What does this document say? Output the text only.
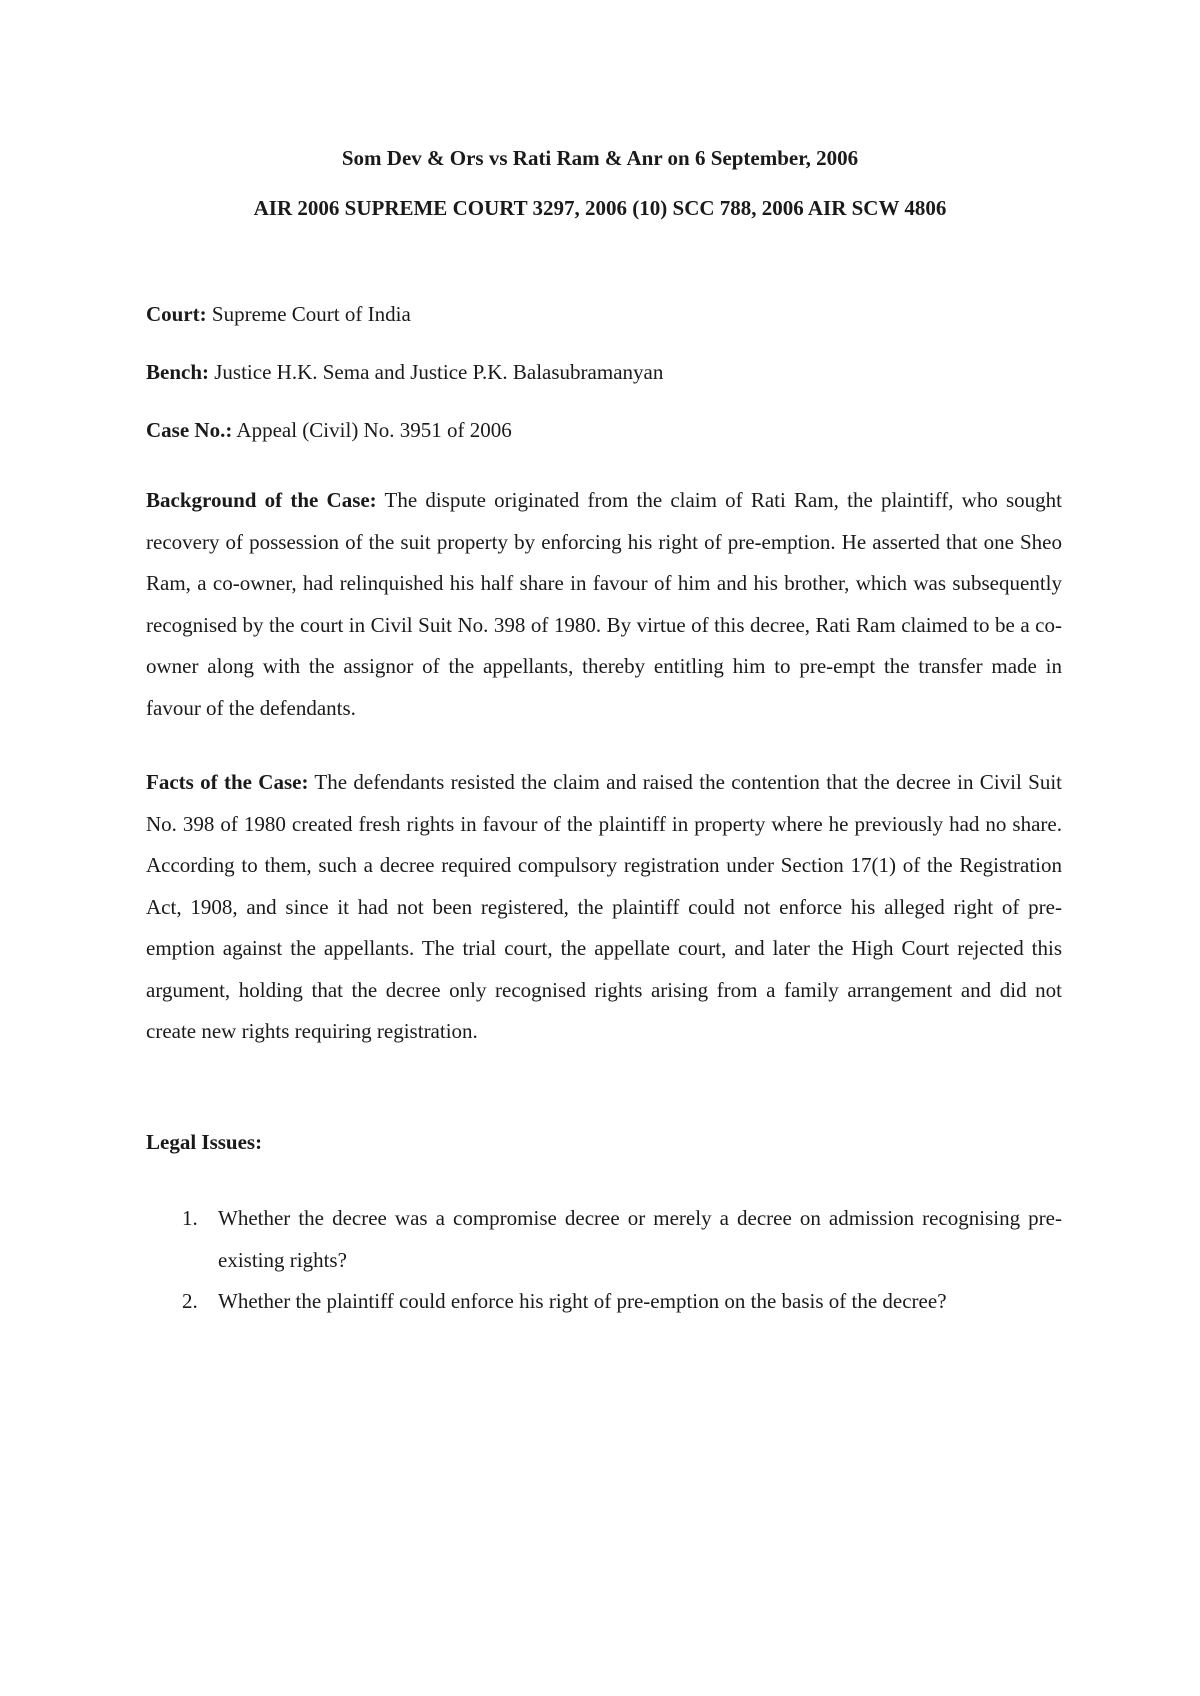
Som Dev & Ors vs Rati Ram & Anr on 6 September, 2006
AIR 2006 SUPREME COURT 3297, 2006 (10) SCC 788, 2006 AIR SCW 4806
Court: Supreme Court of India
Bench: Justice H.K. Sema and Justice P.K. Balasubramanyan
Case No.: Appeal (Civil) No. 3951 of 2006

Background of the Case: The dispute originated from the claim of Rati Ram, the plaintiff, who sought recovery of possession of the suit property by enforcing his right of pre-emption. He asserted that one Sheo Ram, a co-owner, had relinquished his half share in favour of him and his brother, which was subsequently recognised by the court in Civil Suit No. 398 of 1980. By virtue of this decree, Rati Ram claimed to be a co-owner along with the assignor of the appellants, thereby entitling him to pre-empt the transfer made in favour of the defendants.

Facts of the Case: The defendants resisted the claim and raised the contention that the decree in Civil Suit No. 398 of 1980 created fresh rights in favour of the plaintiff in property where he previously had no share. According to them, such a decree required compulsory registration under Section 17(1) of the Registration Act, 1908, and since it had not been registered, the plaintiff could not enforce his alleged right of pre-emption against the appellants. The trial court, the appellate court, and later the High Court rejected this argument, holding that the decree only recognised rights arising from a family arrangement and did not create new rights requiring registration.

Legal Issues:
1. Whether the decree was a compromise decree or merely a decree on admission recognising pre-existing rights?
2. Whether the plaintiff could enforce his right of pre-emption on the basis of the decree?
